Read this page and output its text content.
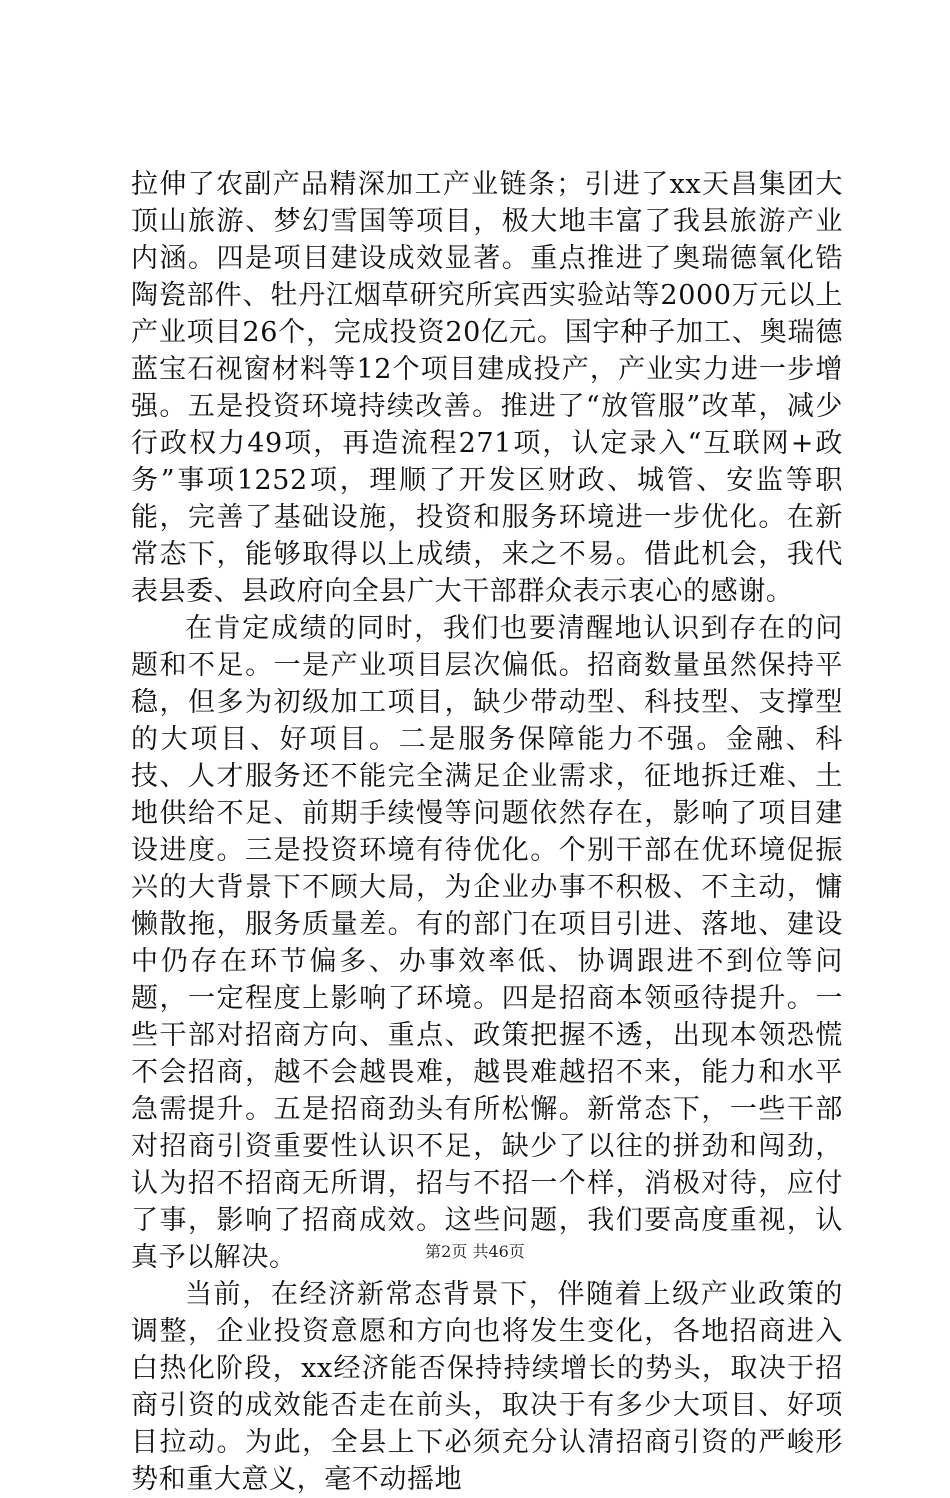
拉伸了农副产品精深加工产业链条；引进了xx天昌集团大顶山旅游、梦幻雪国等项目，极大地丰富了我县旅游产业内涵。四是项目建设成效显著。重点推进了奥瑞德氧化锆陶瓷部件、牡丹江烟草研究所宾西实验站等2000万元以上产业项目26个，完成投资20亿元。国宇种子加工、奥瑞德蓝宝石视窗材料等12个项目建成投产，产业实力进一步增强。五是投资环境持续改善。推进了“放管服”改革，减少行政权力49项，再造流程271项，认定录入“互联网+政务”事项1252项，理顺了开发区财政、城管、安监等职能，完善了基础设施，投资和服务环境进一步优化。在新常态下，能够取得以上成绩，来之不易。借此机会，我代表县委、县政府向全县广大干部群众表示衷心的感谢。

在肯定成绩的同时，我们也要清醒地认识到存在的问题和不足。一是产业项目层次偏低。招商数量虽然保持平稳，但多为初级加工项目，缺少带动型、科技型、支撑型的大项目、好项目。二是服务保障能力不强。金融、科技、人才服务还不能完全满足企业需求，征地拆迁难、土地供给不足、前期手续慢等问题依然存在，影响了项目建设进度。三是投资环境有待优化。个别干部在优环境促振兴的大背景下不顾大局，为企业办事不积极、不主动，慵懒散拖，服务质量差。有的部门在项目引进、落地、建设中仍存在环节偏多、办事效率低、协调跟进不到位等问题，一定程度上影响了环境。四是招商本领亟待提升。一些干部对招商方向、重点、政策把握不透，出现本领恐慌不会招商，越不会越畏难，越畏难越招不来，能力和水平急需提升。五是招商劲头有所松懈。新常态下，一些干部对招商引资重要性认识不足，缺少了以往的拼劲和闯劲，认为招不招商无所谓，招与不招一个样，消极对待，应付了事，影响了招商成效。这些问题，我们要高度重视，认真予以解决。

当前，在经济新常态背景下，伴随着上级产业政策的调整，企业投资意愿和方向也将发生变化，各地招商进入白热化阶段，xx经济能否保持持续增长的势头，取决于招商引资的成效能否走在前头，取决于有多少大项目、好项目拉动。为此，全县上下必须充分认清招商引资的严峻形势和重大意义，毫不动摇地

第2页 共46页
